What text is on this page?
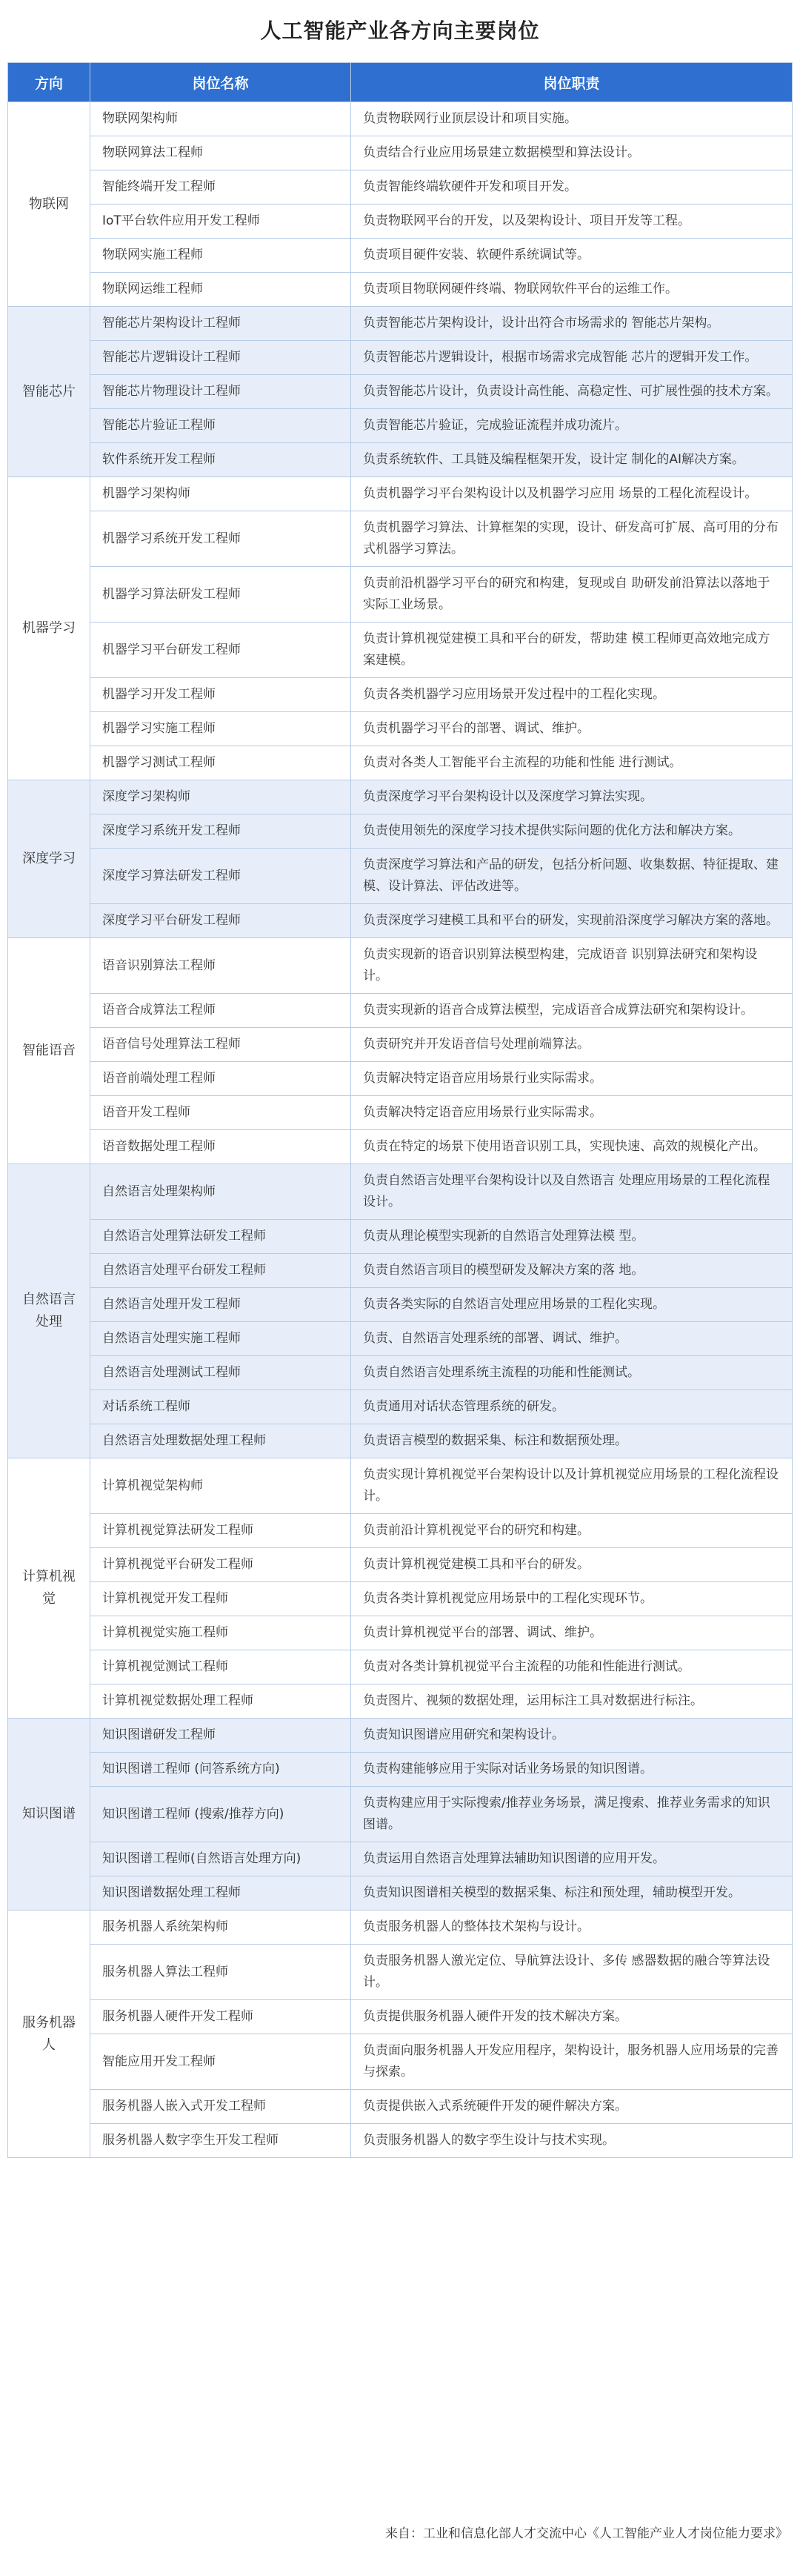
人工智能产业各方向主要岗位
方向	岗位名称	岗位职责
物联网	物联网架构师	负责物联网行业顶层设计和项目实施。
	物联网算法工程师	负责结合行业应用场景建立数据模型和算法设计。
	智能终端开发工程师	负责智能终端软硬件开发和项目开发。
	IoT平台软件应用开发工程师	负责物联网平台的开发，以及架构设计、项目开发等工程。
	物联网实施工程师	负责项目硬件安装、软硬件系统调试等。
	物联网运维工程师	负责项目物联网硬件终端、物联网软件平台的运维工作。
智能芯片	智能芯片架构设计工程师	负责智能芯片架构设计，设计出符合市场需求的 智能芯片架构。
	智能芯片逻辑设计工程师	负责智能芯片逻辑设计，根据市场需求完成智能 芯片的逻辑开发工作。
	智能芯片物理设计工程师	负责智能芯片设计，负责设计高性能、高稳定性、可扩展性强的技术方案。
	智能芯片验证工程师	负责智能芯片验证，完成验证流程并成功流片。
	软件系统开发工程师	负责系统软件、工具链及编程框架开发，设计定 制化的AI解决方案。
机器学习	机器学习架构师	负责机器学习平台架构设计以及机器学习应用 场景的工程化流程设计。
	机器学习系统开发工程师	负责机器学习算法、计算框架的实现，设计、研发高可扩展、高可用的分布式机器学习算法。
	机器学习算法研发工程师	负责前沿机器学习平台的研究和构建，复现或自 助研发前沿算法以落地于实际工业场景。
	机器学习平台研发工程师	负责计算机视觉建模工具和平台的研发，帮助建 模工程师更高效地完成方案建模。
	机器学习开发工程师	负责各类机器学习应用场景开发过程中的工程化实现。
	机器学习实施工程师	负责机器学习平台的部署、调试、维护。
	机器学习测试工程师	负责对各类人工智能平台主流程的功能和性能 进行测试。
深度学习	深度学习架构师	负责深度学习平台架构设计以及深度学习算法实现。
	深度学习系统开发工程师	负责使用领先的深度学习技术提供实际问题的优化方法和解决方案。
	深度学习算法研发工程师	负责深度学习算法和产品的研发，包括分析问题、收集数据、特征提取、建模、设计算法、评估改进等。
	深度学习平台研发工程师	负责深度学习建模工具和平台的研发，实现前沿深度学习解决方案的落地。
智能语音	语音识别算法工程师	负责实现新的语音识别算法模型构建，完成语音 识别算法研究和架构设计。
	语音合成算法工程师	负责实现新的语音合成算法模型，完成语音合成算法研究和架构设计。
	语音信号处理算法工程师	负责研究并开发语音信号处理前端算法。
	语音前端处理工程师	负责解决特定语音应用场景行业实际需求。
	语音开发工程师	负责解决特定语音应用场景行业实际需求。
	语音数据处理工程师	负责在特定的场景下使用语音识别工具，实现快速、高效的规模化产出。
自然语言处理	自然语言处理架构师	负责自然语言处理平台架构设计以及自然语言 处理应用场景的工程化流程设计。
	自然语言处理算法研发工程师	负责从理论模型实现新的自然语言处理算法模 型。
	自然语言处理平台研发工程师	负责自然语言项目的模型研发及解决方案的落 地。
	自然语言处理开发工程师	负责各类实际的自然语言处理应用场景的工程化实现。
	自然语言处理实施工程师	负责、自然语言处理系统的部署、调试、维护。
	自然语言处理测试工程师	负责自然语言处理系统主流程的功能和性能测试。
	对话系统工程师	负责通用对话状态管理系统的研发。
	自然语言处理数据处理工程师	负责语言模型的数据采集、标注和数据预处理。
计算机视觉	计算机视觉架构师	负责实现计算机视觉平台架构设计以及计算机视觉应用场景的工程化流程设计。
	计算机视觉算法研发工程师	负责前沿计算机视觉平台的研究和构建。
	计算机视觉平台研发工程师	负责计算机视觉建模工具和平台的研发。
	计算机视觉开发工程师	负责各类计算机视觉应用场景中的工程化实现环节。
	计算机视觉实施工程师	负责计算机视觉平台的部署、调试、维护。
	计算机视觉测试工程师	负责对各类计算机视觉平台主流程的功能和性能进行测试。
	计算机视觉数据处理工程师	负责图片、视频的数据处理，运用标注工具对数据进行标注。
知识图谱	知识图谱研发工程师	负责知识图谱应用研究和架构设计。
	知识图谱工程师 (问答系统方向)	负责构建能够应用于实际对话业务场景的知识图谱。
	知识图谱工程师 (搜索/推荐方向)	负责构建应用于实际搜索/推荐业务场景，满足搜索、推荐业务需求的知识图谱。
	知识图谱工程师(自然语言处理方向)	负责运用自然语言处理算法辅助知识图谱的应用开发。
	知识图谱数据处理工程师	负责知识图谱相关模型的数据采集、标注和预处理，辅助模型开发。
服务机器人	服务机器人系统架构师	负责服务机器人的整体技术架构与设计。
	服务机器人算法工程师	负责服务机器人激光定位、导航算法设计、多传 感器数据的融合等算法设计。
	服务机器人硬件开发工程师	负责提供服务机器人硬件开发的技术解决方案。
	智能应用开发工程师	负责面向服务机器人开发应用程序，架构设计，服务机器人应用场景的完善与探索。
	服务机器人嵌入式开发工程师	负责提供嵌入式系统硬件开发的硬件解决方案。
	服务机器人数字孪生开发工程师	负责服务机器人的数字孪生设计与技术实现。
来自：工业和信息化部人才交流中心《人工智能产业人才岗位能力要求》
